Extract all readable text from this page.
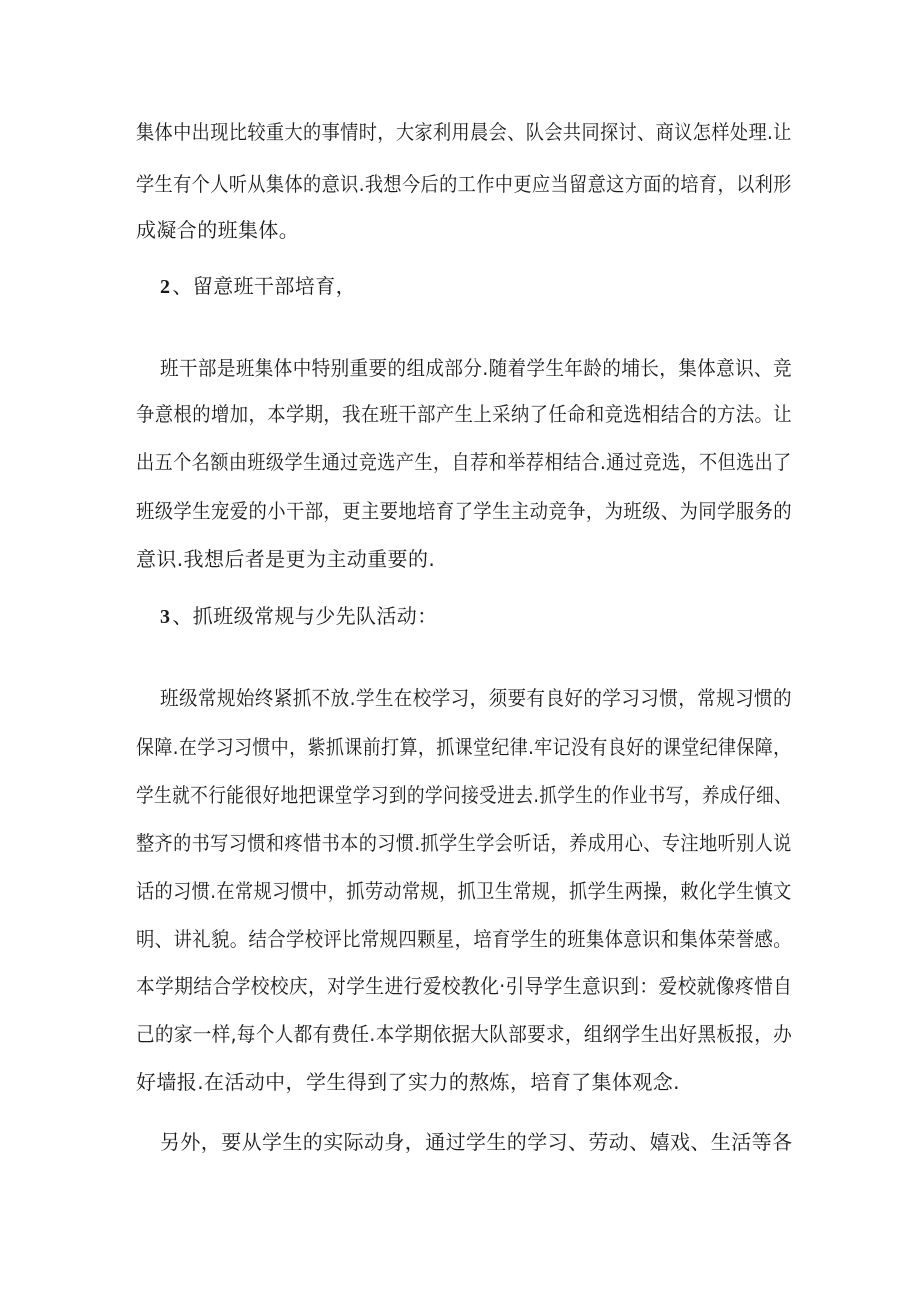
集体中出现比较重大的事情时，大家利用晨会、队会共同探讨、商议怎样处理.让
学生有个人听从集体的意识.我想今后的工作中更应当留意这方面的培育，以利形
成凝合的班集体。
2 、留意班干部培育，
班干部是班集体中特别重要的组成部分.随着学生年龄的埔长，集体意识、竞
争意根的增加，本学期，我在班干部产生上采纳了任命和竞选相结合的方法。让
出五个名额由班级学生通过竞选产生，自荐和举荐相结合.通过竞选，不但选出了
班级学生宠爱的小干部，更主要地培育了学生主动竞争，为班级、为同学服务的
意识.我想后者是更为主动重要的.
3 、抓班级常规与少先队活动：
班级常规始终紧抓不放.学生在校学习，须要有良好的学习习惯，常规习惯的
保障.在学习习惯中，紫抓课前打算，抓课堂纪律.牢记没有良好的课堂纪律保障，
学生就不行能很好地把课堂学习到的学问接受进去.抓学生的作业书写，养成仔细、
整齐的书写习惯和疼惜书本的习惯.抓学生学会听话，养成用心、专注地听别人说
话的习惯.在常规习惯中，抓劳动常规，抓卫生常规，抓学生两操，敕化学生慎文
明、讲礼貌。结合学校评比常规四颗星，培育学生的班集体意识和集体荣誉感。
本学期结合学校校庆，对学生进行爱校教化·引导学生意识到：爱校就像疼惜自
己的家一样,每个人都有费任.本学期依据大队部要求，组纲学生出好黑板报，办
好墙报.在活动中，学生得到了实力的熬炼，培育了集体观念.
另外，要从学生的实际动身，通过学生的学习、劳动、嬉戏、生活等各
